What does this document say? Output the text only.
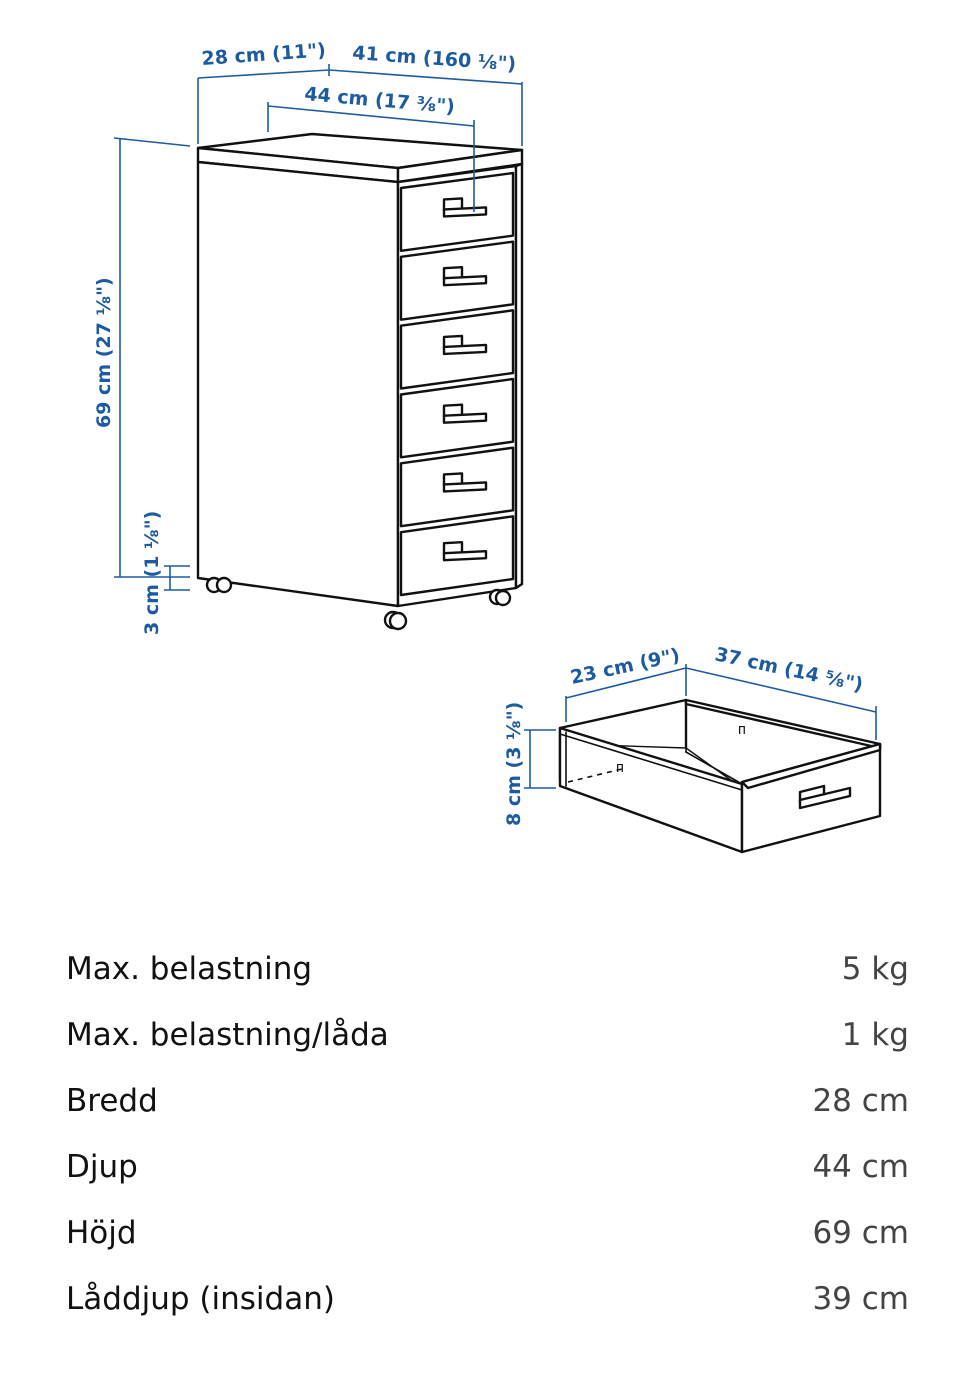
28 cm (11") 41 cm (160 ⅛")
44 cm (17 ⅜")
69 cm (27 ⅛")
3 cm (1 ⅛")
ᴨ
ᴨ
23 cm (9") 37 cm (14 ⅝")
8 cm (3 ⅛")
Max. belastning	5 kg
Max. belastning/låda	1 kg
Bredd	28 cm
Djup	44 cm
Höjd	69 cm
Låddjup (insidan)	39 cm
